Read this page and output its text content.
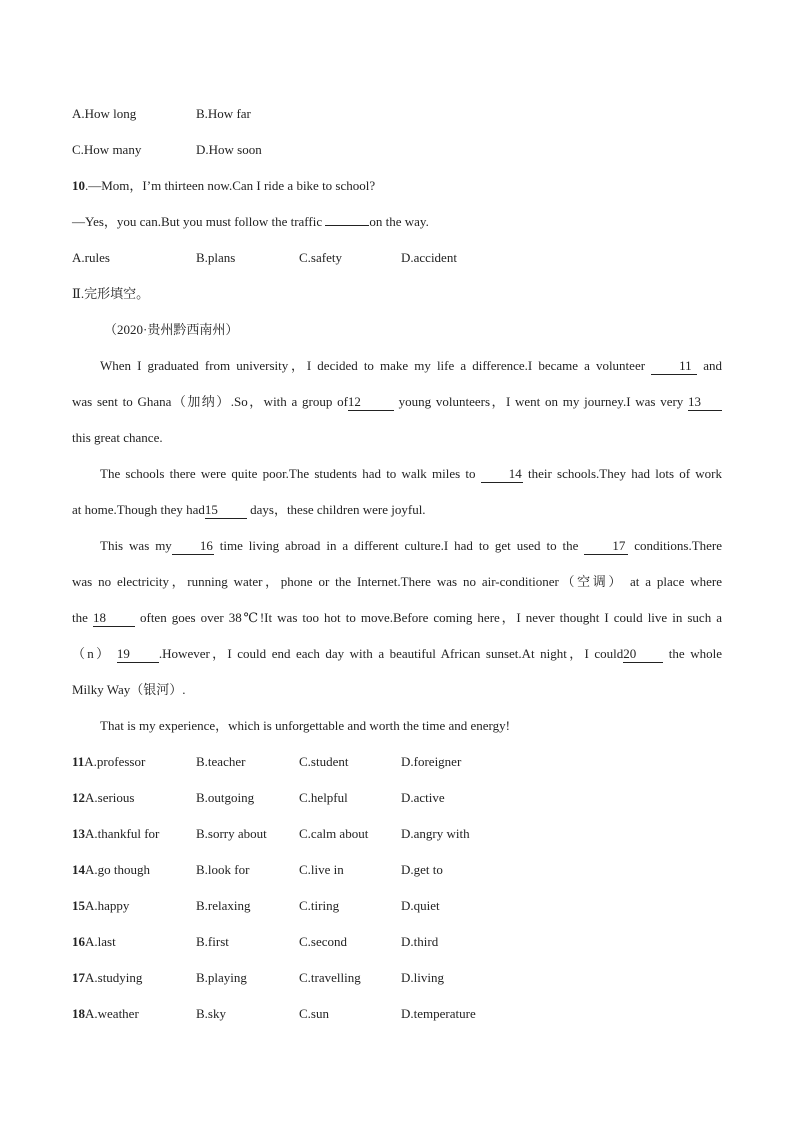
A.How long	B.How far
C.How many	D.How soon
10.—Mom，I’m thirteen now.Can I ride a bike to school?
—Yes，you can.But you must follow the traffic	on the way.
A.rules	B.plans	C.safety	D.accident
Ⅱ.完形填空。
（2020·贵州黔西南州）
When I graduated from university，I decided to make my life a difference.I became a volunteer	11 and
was sent to Ghana（加纳）.So，with a group of12	young volunteers，I went on my journey.I was very 13
this great chance.
The schools there were quite poor.The students had to walk miles to	14 their schools.They had lots of work
at home.Though they had15 days，these children were joyful.
This was my 16 time living abroad in a different culture.I had to get used to the	17 conditions.There
was no electricity，running water，phone or the Internet.There was no air-conditioner（空调） at a place where
the 18	often goes over 38℃!It was too hot to move.Before coming here，I never thought I could live in such a
（n） 19 .However，I could end each day with a beautiful African sunset.At night，I could20	the whole
Milky Way（银河）.
That is my experience，which is unforgettable and worth the time and energy!
11A.professor	B.teacher	C.student	D.foreigner
12A.serious	B.outgoing	C.helpful	D.active
13A.thankful for	B.sorry about	C.calm about	D.angry with
14A.go though	B.look for	C.live in	D.get to
15A.happy	B.relaxing	C.tiring	D.quiet
16A.last	B.first	C.second	D.third
17A.studying	B.playing	C.travelling	D.living
18A.weather	B.sky	C.sun	D.temperature
